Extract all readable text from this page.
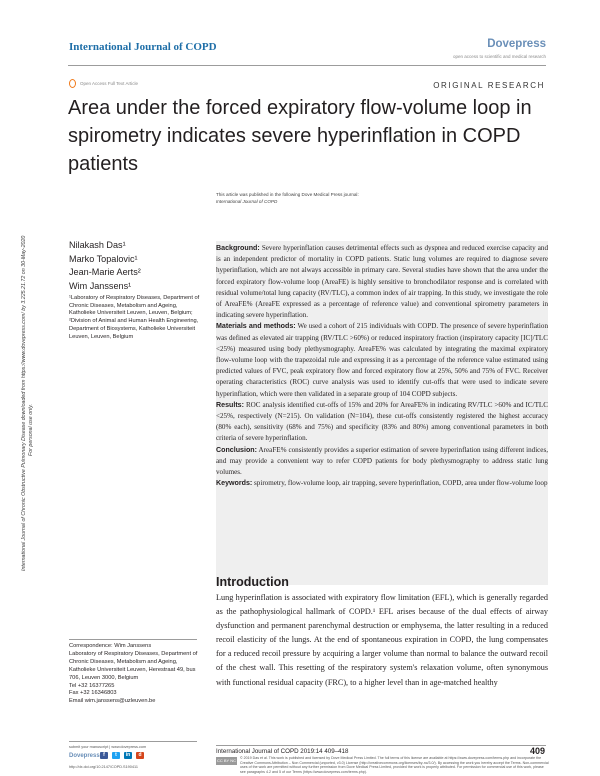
International Journal of COPD	Dovepress
open access to scientific and medical research
Open Access Full Text Article	ORIGINAL RESEARCH
Area under the forced expiratory flow-volume loop in spirometry indicates severe hyperinflation in COPD patients
This article was published in the following Dove Medical Press journal:
International Journal of COPD
International Journal of Chronic Obstructive Pulmonary Disease downloaded from https://www.dovepress.com/ by 3.225.21.72 on 30-May-2020 For personal use only.
Nilakash Das¹
Marko Topalovic¹
Jean-Marie Aerts²
Wim Janssens¹
¹Laboratory of Respiratory Diseases, Department of Chronic Diseases, Metabolism and Ageing, Katholieke Universiteit Leuven, Leuven, Belgium;
²Division of Animal and Human Health Engineering, Department of Biosystems, Katholieke Universiteit Leuven, Leuven, Belgium

Background: Severe hyperinflation causes detrimental effects such as dyspnea and reduced exercise capacity and is an independent predictor of mortality in COPD patients. Static lung volumes are required to diagnose severe hyperinflation, which are not always accessible in primary care. Several studies have shown that the area under the forced expiratory flow-volume loop (AreaFE) is highly sensitive to bronchodilator response and is correlated with residual volume/total lung capacity (RV/TLC), a common index of air trapping. In this study, we investigate the role of AreaFE% (AreaFE expressed as a percentage of reference value) and conventional spirometry parameters in indicating severe hyperinflation.

Materials and methods: We used a cohort of 215 individuals with COPD. The presence of severe hyperinflation was defined as elevated air trapping (RV/TLC >60%) or reduced inspiratory fraction (inspiratory capacity [IC]/TLC <25%) measured using body plethysmography. AreaFE% was calculated by integrating the maximal expiratory flow-volume loop with the trapezoidal rule and expressing it as a percentage of the reference value estimated using predicted values of FVC, peak expiratory flow and forced expiratory flow at 25%, 50% and 75% of FVC. Receiver operating characteristics (ROC) curve analysis was used to identify cut-offs that were used to indicate severe hyperinflation, which were then validated in a separate group of 104 COPD subjects.

Results: ROC analysis identified cut-offs of 15% and 20% for AreaFE% in indicating RV/TLC >60% and IC/TLC <25%, respectively (N=215). On validation (N=104), these cut-offs consistently registered the highest accuracy (80% each), sensitivity (68% and 75%) and specificity (83% and 80%) among conventional parameters in both criteria of severe hyperinflation.

Conclusion: AreaFE% consistently provides a superior estimation of severe hyperinflation using different indices, and may provide a convenient way to refer COPD patients for body plethysmography to address static lung volumes.

Keywords: spirometry, flow-volume loop, air trapping, severe hyperinflation, COPD, area under flow-volume loop

Introduction

Lung hyperinflation is associated with expiratory flow limitation (EFL), which is generally regarded as the pathophysiological hallmark of COPD.¹ EFL arises because of the dual effects of airway dysfunction and permanent parenchymal destruction or emphysema, the latter resulting in a reduced recoil elasticity of the lungs. At the end of spontaneous expiration in COPD, the lung compensates for a reduced recoil pressure by acquiring a larger volume than normal to balance the outward recoil of the chest wall. This resetting of the respiratory system's relaxation volume, often synonymous with functional residual capacity (FRC), to a higher level than in age-matched healthy

Correspondence: Wim Janssens
Laboratory of Respiratory Diseases, Department of Chronic Diseases, Metabolism and Ageing, Katholieke Universiteit Leuven, Herestraat 49, bus 706, Leuven 3000, Belgium
Tel +32 16377265
Fax +32 16346803
Email wim.janssens@uzleuven.be
submit your manuscript | www.dovepress.com
Dovepress f	t	in	d
http://dx.doi.org/10.2147/COPD.S190411
International Journal of COPD 2019:14 409–418	409
CC BY NC © 2019 Das et al. This work is published and licensed by Dove Medical Press Limited. The full terms of this license are available at https://www.dovepress.com/terms.php and incorporate the Creative Commons Attribution – Non Commercial (unported, v3.0) License (http://creativecommons.org/licenses/by-nc/3.0/). By accessing the work you hereby accept the Terms. Non-commercial uses of the work are permitted without any further permission from Dove Medical Press Limited, provided the work is properly attributed. For permission for commercial use of this work, please see paragraphs 4.2 and 5 of our Terms (https://www.dovepress.com/terms.php).
